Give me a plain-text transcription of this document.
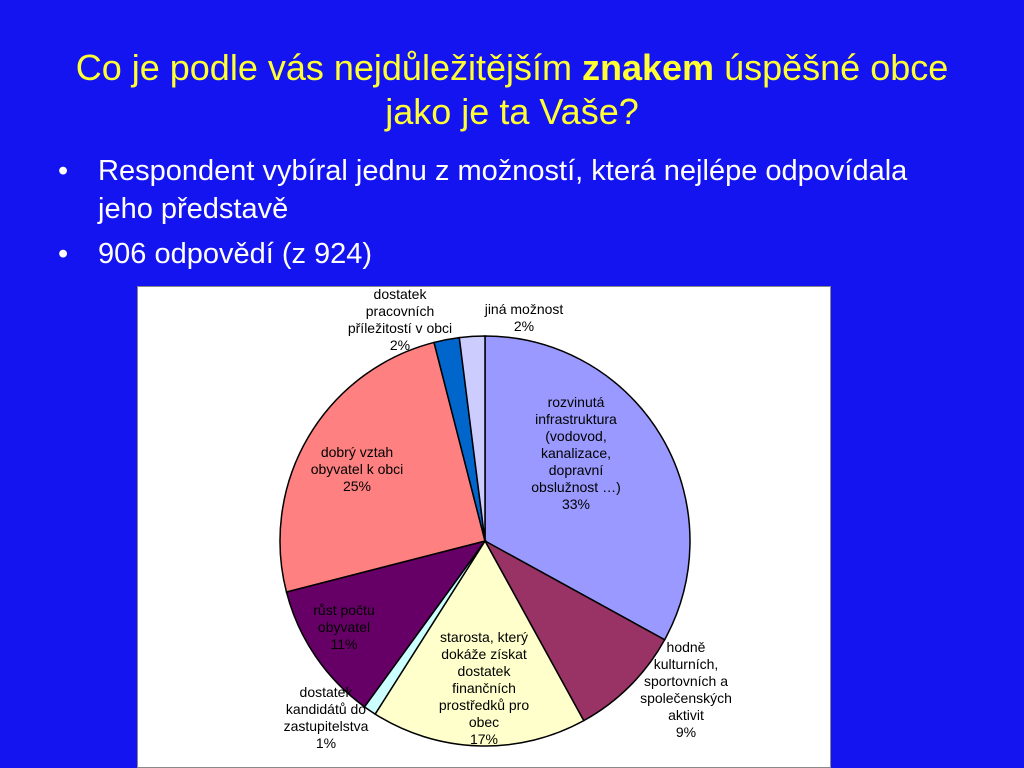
Co je podle vás nejdůležitějším znakem úspěšné obce jako je ta Vaše?
•	Respondent vybíral jednu z možností, která nejlépe odpovídala jeho představě
•	906 odpovědí (z 924)
rozvinutá infrastruktura (vodovod, kanalizace, dopravní obslužnost …) 33%
hodně kulturních, sportovních a společenských aktivit 9%
starosta, který dokáže získat dostatek finančních prostředků pro obec 17%
dostatek kandidátů do zastupitelstva 1%
růst počtu obyvatel 11%
dobrý vztah obyvatel k obci 25%
dostatek pracovních příležitostí v obci 2%
jiná možnost 2%
